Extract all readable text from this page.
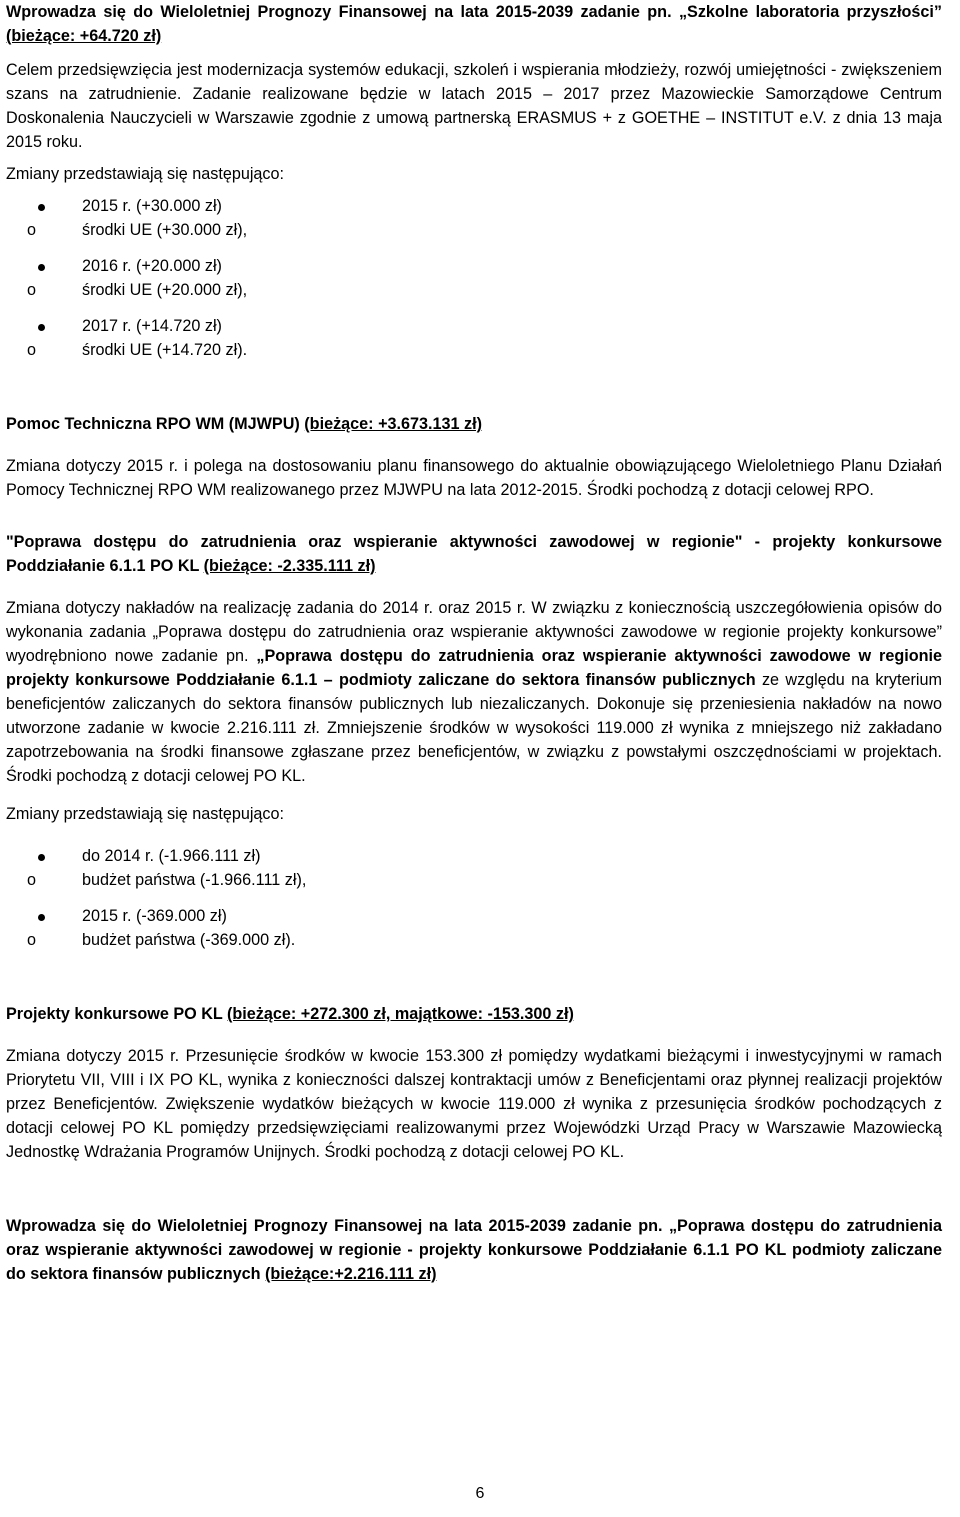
Wprowadza się do Wieloletniej Prognozy Finansowej na lata 2015-2039 zadanie pn. „Szkolne laboratoria przyszłości” (bieżące: +64.720 zł)

Celem przedsięwzięcia jest modernizacja systemów edukacji, szkoleń i wspierania młodzieży, rozwój umiejętności - zwiększeniem szans na zatrudnienie. Zadanie realizowane będzie w latach 2015 – 2017 przez Mazowieckie Samorządowe Centrum Doskonalenia Nauczycieli w Warszawie zgodnie z umową partnerską ERASMUS + z GOETHE – INSTITUT e.V. z dnia 13 maja 2015 roku.

Zmiany przedstawiają się następująco:

2015 r. (+30.000 zł)
o	środki UE (+30.000 zł),
2016 r. (+20.000 zł)
o	środki UE (+20.000 zł),
2017 r. (+14.720 zł)
o	środki UE (+14.720 zł).

Pomoc Techniczna RPO WM (MJWPU) (bieżące: +3.673.131 zł)

Zmiana dotyczy 2015 r. i polega na dostosowaniu planu finansowego do aktualnie obowiązującego Wieloletniego Planu Działań Pomocy Technicznej RPO WM realizowanego przez MJWPU na lata 2012-2015. Środki pochodzą z dotacji celowej RPO.

"Poprawa dostępu do zatrudnienia oraz wspieranie aktywności zawodowej w regionie" - projekty konkursowe Poddziałanie 6.1.1 PO KL (bieżące: -2.335.111 zł)

Zmiana dotyczy nakładów na realizację zadania do 2014 r. oraz 2015 r. W związku z koniecznością uszczegółowienia opisów do wykonania zadania „Poprawa dostępu do zatrudnienia oraz wspieranie aktywności zawodowe w regionie projekty konkursowe” wyodrębniono nowe zadanie pn. „Poprawa dostępu do zatrudnienia oraz wspieranie aktywności zawodowe w regionie projekty konkursowe Poddziałanie 6.1.1 – podmioty zaliczane do sektora finansów publicznych ze względu na kryterium beneficjentów zaliczanych do sektora finansów publicznych lub niezaliczanych. Dokonuje się przeniesienia nakładów na nowo utworzone zadanie w kwocie 2.216.111 zł. Zmniejszenie środków w wysokości 119.000 zł wynika z mniejszego niż zakładano zapotrzebowania na środki finansowe zgłaszane przez beneficjentów, w związku z powstałymi oszczędnościami w projektach. Środki pochodzą z dotacji celowej PO KL.

Zmiany przedstawiają się następująco:

do 2014 r. (-1.966.111 zł)
o	budżet państwa (-1.966.111 zł),
2015 r. (-369.000 zł)
o	budżet państwa (-369.000 zł).

Projekty konkursowe PO KL (bieżące: +272.300 zł, majątkowe: -153.300 zł)

Zmiana dotyczy 2015 r. Przesunięcie środków w kwocie 153.300 zł pomiędzy wydatkami bieżącymi i inwestycyjnymi w ramach Priorytetu VII, VIII i IX PO KL, wynika z konieczności dalszej kontraktacji umów z Beneficjentami oraz płynnej realizacji projektów przez Beneficjentów. Zwiększenie wydatków bieżących w kwocie 119.000 zł wynika z przesunięcia środków pochodzących z dotacji celowej PO KL pomiędzy przedsięwzięciami realizowanymi przez Wojewódzki Urząd Pracy w Warszawie Mazowiecką Jednostkę Wdrażania Programów Unijnych. Środki pochodzą z dotacji celowej PO KL.

Wprowadza się do Wieloletniej Prognozy Finansowej na lata 2015-2039 zadanie pn. „Poprawa dostępu do zatrudnienia oraz wspieranie aktywności zawodowej w regionie - projekty konkursowe Poddziałanie 6.1.1 PO KL podmioty zaliczane do sektora finansów publicznych (bieżące:+2.216.111 zł)

6
